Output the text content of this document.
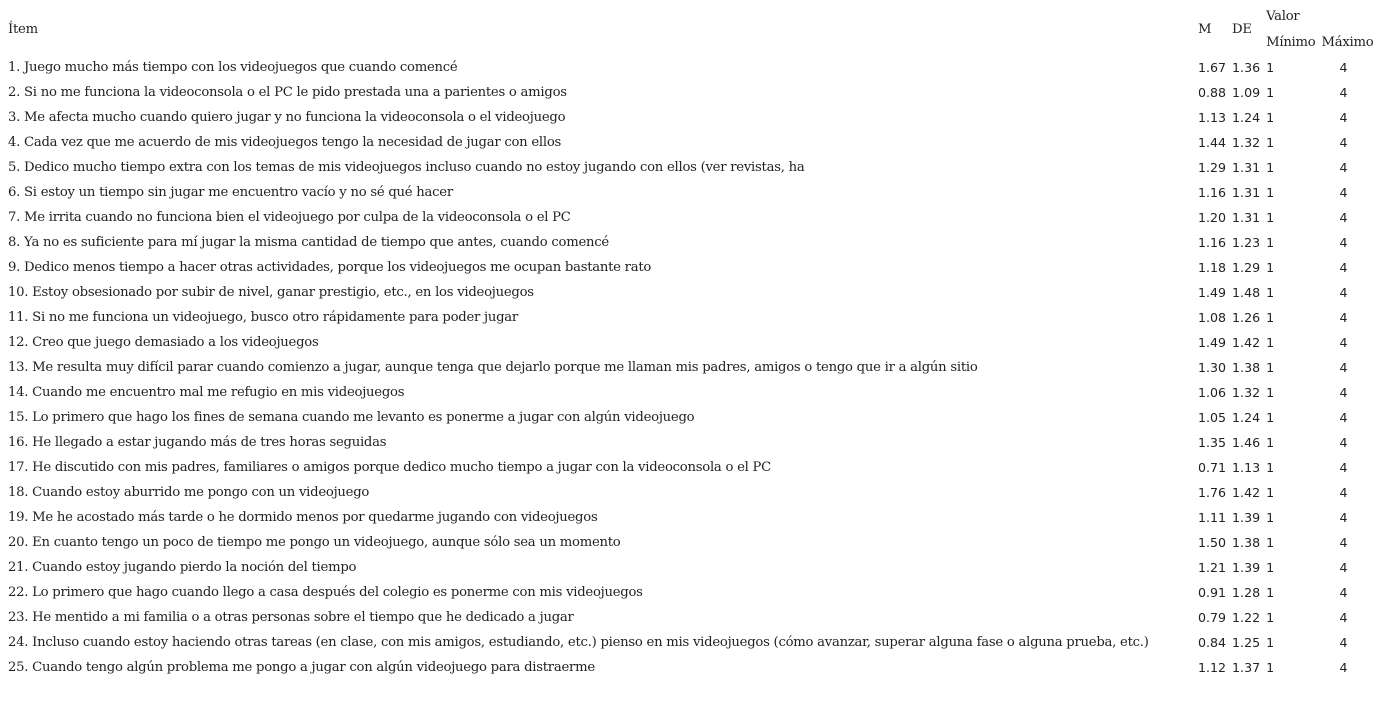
Ítem	M	DE	Valor	
			Mínimo	Máximo
1. Juego mucho más tiempo con los videojuegos que cuando comencé	1.67	1.36	1	4
2. Si no me funciona la videoconsola o el PC le pido prestada una a parientes o amigos	0.88	1.09	1	4
3. Me afecta mucho cuando quiero jugar y no funciona la videoconsola o el videojuego	1.13	1.24	1	4
4. Cada vez que me acuerdo de mis videojuegos tengo la necesidad de jugar con ellos	1.44	1.32	1	4
5. Dedico mucho tiempo extra con los temas de mis videojuegos incluso cuando no estoy jugando con ellos (ver revistas, ha	1.29	1.31	1	4
6. Si estoy un tiempo sin jugar me encuentro vacío y no sé qué hacer	1.16	1.31	1	4
7. Me irrita cuando no funciona bien el videojuego por culpa de la videoconsola o el PC	1.20	1.31	1	4
8. Ya no es suficiente para mí jugar la misma cantidad de tiempo que antes, cuando comencé	1.16	1.23	1	4
9. Dedico menos tiempo a hacer otras actividades, porque los videojuegos me ocupan bastante rato	1.18	1.29	1	4
10. Estoy obsesionado por subir de nivel, ganar prestigio, etc., en los videojuegos	1.49	1.48	1	4
11. Si no me funciona un videojuego, busco otro rápidamente para poder jugar	1.08	1.26	1	4
12. Creo que juego demasiado a los videojuegos	1.49	1.42	1	4
13. Me resulta muy difícil parar cuando comienzo a jugar, aunque tenga que dejarlo porque me llaman mis padres, amigos o tengo que ir a algún sitio	1.30	1.38	1	4
14. Cuando me encuentro mal me refugio en mis videojuegos	1.06	1.32	1	4
15. Lo primero que hago los fines de semana cuando me levanto es ponerme a jugar con algún videojuego	1.05	1.24	1	4
16. He llegado a estar jugando más de tres horas seguidas	1.35	1.46	1	4
17. He discutido con mis padres, familiares o amigos porque dedico mucho tiempo a jugar con la videoconsola o el PC	0.71	1.13	1	4
18. Cuando estoy aburrido me pongo con un videojuego	1.76	1.42	1	4
19. Me he acostado más tarde o he dormido menos por quedarme jugando con videojuegos	1.11	1.39	1	4
20. En cuanto tengo un poco de tiempo me pongo un videojuego, aunque sólo sea un momento	1.50	1.38	1	4
21. Cuando estoy jugando pierdo la noción del tiempo	1.21	1.39	1	4
22. Lo primero que hago cuando llego a casa después del colegio es ponerme con mis videojuegos	0.91	1.28	1	4
23. He mentido a mi familia o a otras personas sobre el tiempo que he dedicado a jugar	0.79	1.22	1	4
24. Incluso cuando estoy haciendo otras tareas (en clase, con mis amigos, estudiando, etc.) pienso en mis videojuegos (cómo avanzar, superar alguna fase o alguna prueba, etc.)	0.84	1.25	1	4
25. Cuando tengo algún problema me pongo a jugar con algún videojuego para distraerme	1.12	1.37	1	4
